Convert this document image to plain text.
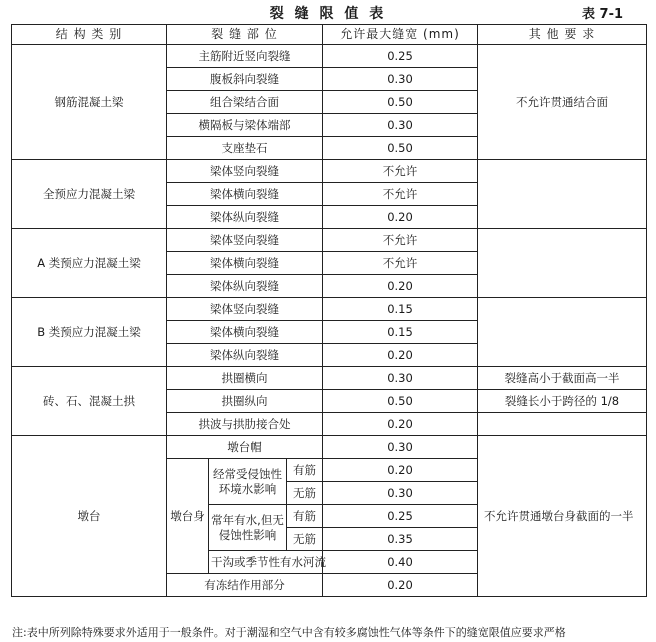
裂 缝 限 值 表	表 7-1
结 构 类 别	裂 缝 部 位			允许最大缝宽 (mm)	其 他 要 求
钢筋混凝土梁	主筋附近竖向裂缝			0.25	不允许贯通结合面
	腹板斜向裂缝			0.30	
	组合梁结合面			0.50	
	横隔板与梁体端部			0.30	
	支座垫石			0.50	
全预应力混凝土梁	梁体竖向裂缝			不允许	
	梁体横向裂缝			不允许	
	梁体纵向裂缝			0.20	
A 类预应力混凝土梁	梁体竖向裂缝			不允许	
	梁体横向裂缝			不允许	
	梁体纵向裂缝			0.20	
B 类预应力混凝土梁	梁体竖向裂缝			0.15	
	梁体横向裂缝			0.15	
	梁体纵向裂缝			0.20	
砖、石、混凝土拱	拱圈横向			0.30	裂缝高小于截面高一半
	拱圈纵向			0.50	裂缝长小于跨径的 1/8
	拱波与拱肋接合处			0.20	
墩台	墩台帽			0.30	不允许贯通墩台身截面的一半
	墩台身	经常受侵蚀性环境水影响	有筋	0.20	
			无筋	0.30	
		常年有水,但无侵蚀性影响	有筋	0.25	
			无筋	0.35	
		干沟或季节性有水河流		0.40	
	有冻结作用部分			0.20	
注:表中所列除特殊要求外适用于一般条件。对于潮湿和空气中含有较多腐蚀性气体等条件下的缝宽限值应要求严格
